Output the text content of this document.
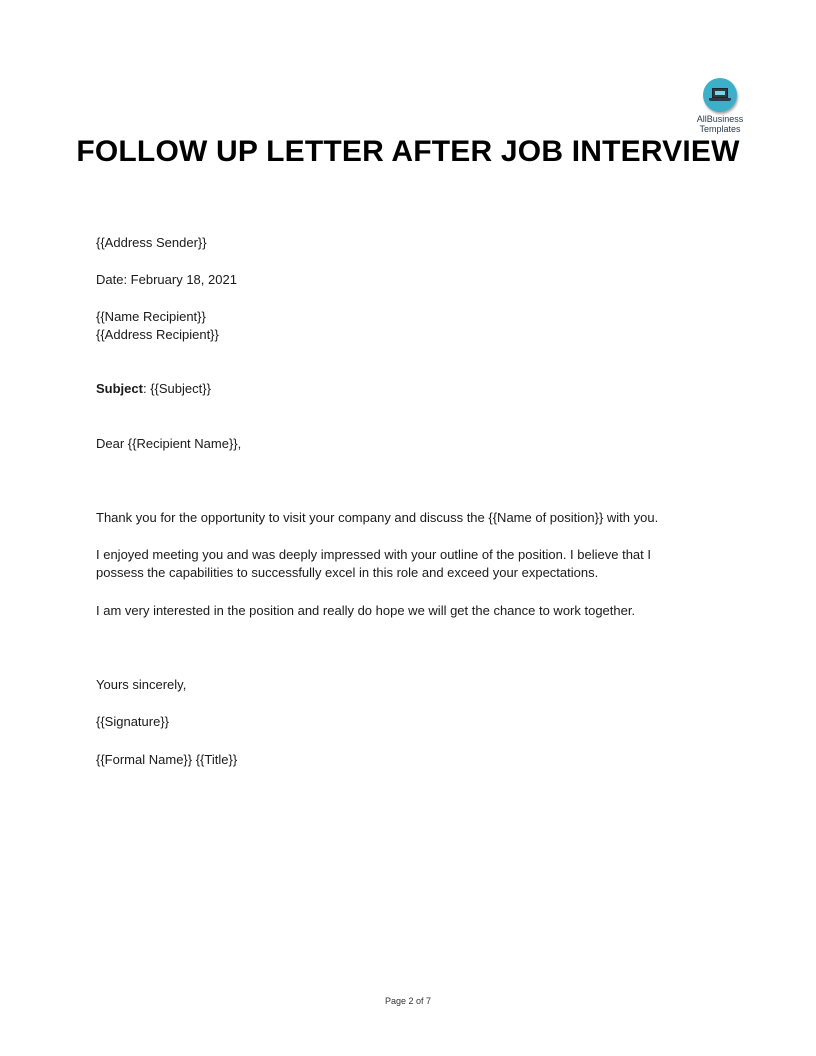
AllBusiness
Templates
FOLLOW UP LETTER AFTER JOB INTERVIEW
{{Address Sender}}
Date: February 18, 2021
{{Name Recipient}}
{{Address Recipient}}
Subject: {{Subject}}
Dear {{Recipient Name}},
Thank you for the opportunity to visit your company and discuss the {{Name of position}} with you.
I enjoyed meeting you and was deeply impressed with your outline of the position. I believe that I possess the capabilities to successfully excel in this role and exceed your expectations.
I am very interested in the position and really do hope we will get the chance to work together.
Yours sincerely,
{{Signature}}
{{Formal Name}} {{Title}}
Page 2 of 7
